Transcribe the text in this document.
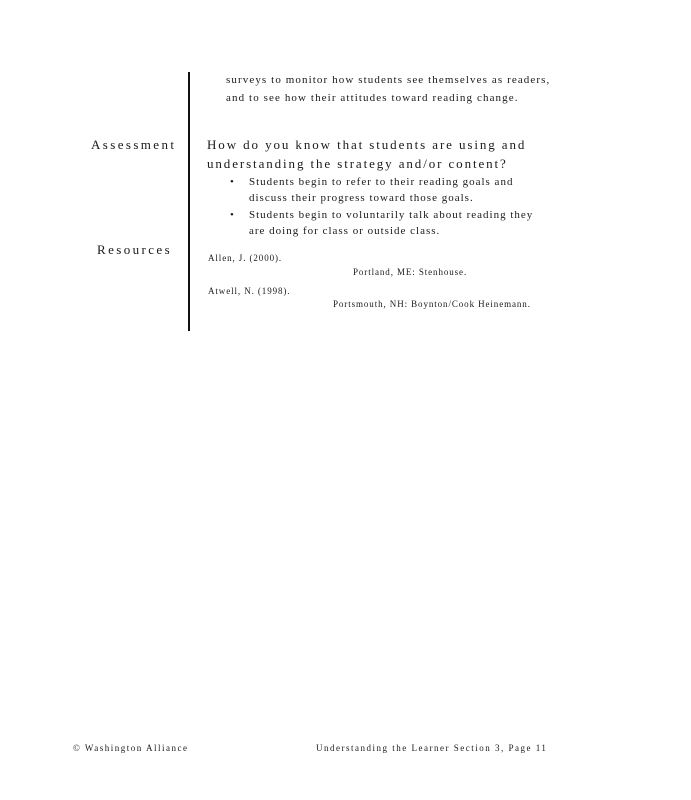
surveys to monitor how students see themselves as readers,
and to see how their attitudes toward reading change.
Assessment How do you know that students are using and
understanding the strategy and/or content?
• Students begin to refer to their reading goals and
discuss their progress toward those goals.
• Students begin to voluntarily talk about reading they
are doing for class or outside class.
Resources
Allen, J. (2000).
Portland, ME: Stenhouse.
Atwell, N. (1998).
Portsmouth, NH: Boynton/Cook Heinemann.
© Washington Alliance	Understanding the Learner Section 3, Page 11
